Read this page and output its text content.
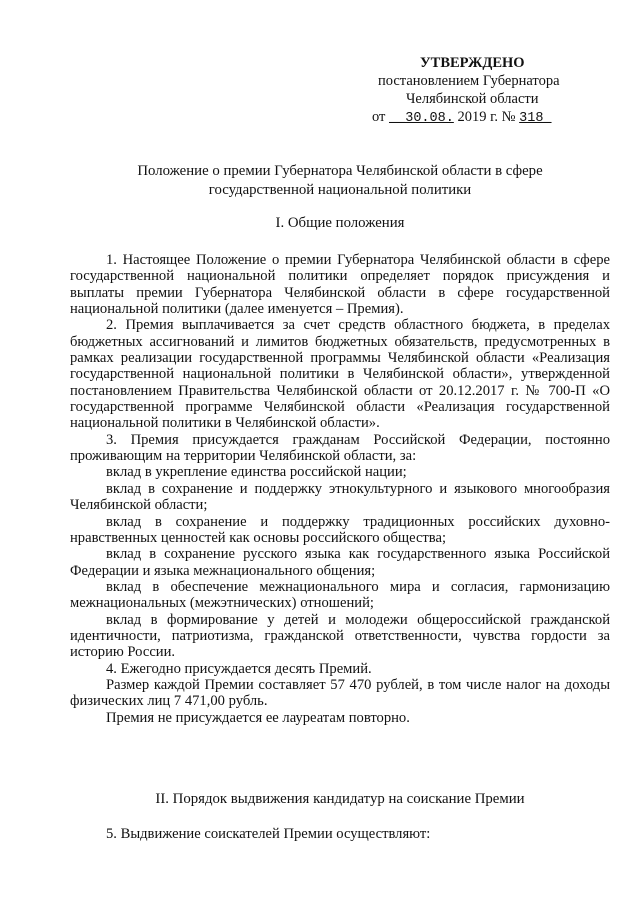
УТВЕРЖДЕНО
постановлением Губернатора
Челябинской области
от __30.08. 2019 г. № 318_
Положение о премии Губернатора Челябинской области в сфере
государственной национальной политики
I. Общие положения

1. Настоящее Положение о премии Губернатора Челябинской области в сфере государственной национальной политики определяет порядок присуждения и выплаты премии Губернатора Челябинской области в сфере государственной национальной политики (далее именуется – Премия).

2. Премия выплачивается за счет средств областного бюджета, в пределах бюджетных ассигнований и лимитов бюджетных обязательств, предусмотренных в рамках реализации государственной программы Челябинской области «Реализация государственной национальной политики в Челябинской области», утвержденной постановлением Правительства Челябинской области от 20.12.2017 г. № 700-П «О государственной программе Челябинской области «Реализация государственной национальной политики в Челябинской области».

3. Премия присуждается гражданам Российской Федерации, постоянно проживающим на территории Челябинской области, за:

вклад в укрепление единства российской нации;

вклад в сохранение и поддержку этнокультурного и языкового многообразия Челябинской области;

вклад в сохранение и поддержку традиционных российских духовно-нравственных ценностей как основы российского общества;

вклад в сохранение русского языка как государственного языка Российской Федерации и языка межнационального общения;

вклад в обеспечение межнационального мира и согласия, гармонизацию межнациональных (межэтнических) отношений;

вклад в формирование у детей и молодежи общероссийской гражданской идентичности, патриотизма, гражданской ответственности, чувства гордости за историю России.

4. Ежегодно присуждается десять Премий.

Размер каждой Премии составляет 57 470 рублей, в том числе налог на доходы физических лиц 7 471,00 рубль.

Премия не присуждается ее лауреатам повторно.

II. Порядок выдвижения кандидатур на соискание Премии

5. Выдвижение соискателей Премии осуществляют:
